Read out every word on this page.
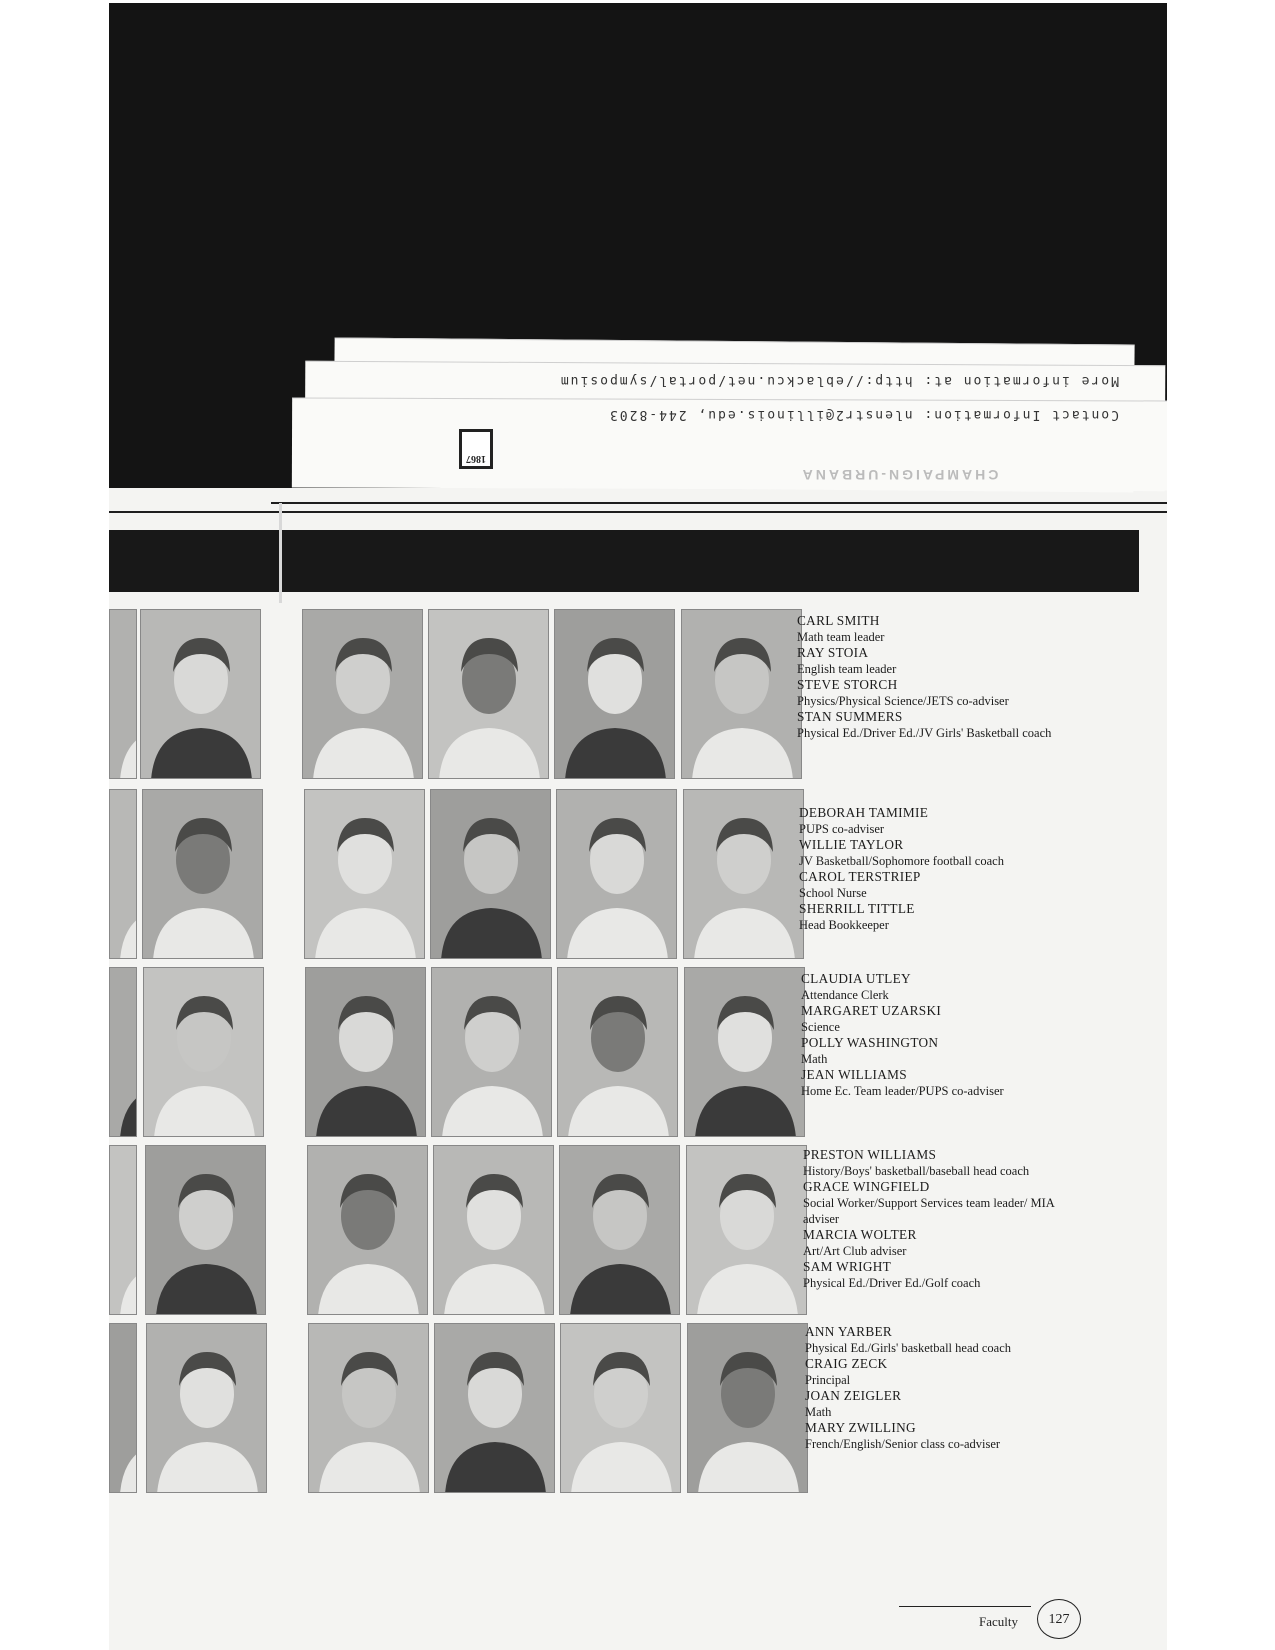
More information at: http://eblackcu.net/portal/symposium
Contact Information: nlenstr2@illinois.edu, 244-8203
1867
CHAMPAIGN-URBANA
CARL SMITH
Math team leader
RAY STOIA
English team leader
STEVE STORCH
Physics/Physical Science/JETS co-adviser
STAN SUMMERS
Physical Ed./Driver Ed./JV Girls' Basketball coach
DEBORAH TAMIMIE
PUPS co-adviser
WILLIE TAYLOR
JV Basketball/Sophomore football coach
CAROL TERSTRIEP
School Nurse
SHERRILL TITTLE
Head Bookkeeper
CLAUDIA UTLEY
Attendance Clerk
MARGARET UZARSKI
Science
POLLY WASHINGTON
Math
JEAN WILLIAMS
Home Ec. Team leader/PUPS co-adviser
PRESTON WILLIAMS
History/Boys' basketball/baseball head coach
GRACE WINGFIELD
Social Worker/Support Services team leader/ MIA adviser
MARCIA WOLTER
Art/Art Club adviser
SAM WRIGHT
Physical Ed./Driver Ed./Golf coach
ANN YARBER
Physical Ed./Girls' basketball head coach
CRAIG ZECK
Principal
JOAN ZEIGLER
Math
MARY ZWILLING
French/English/Senior class co-adviser
Faculty	127
